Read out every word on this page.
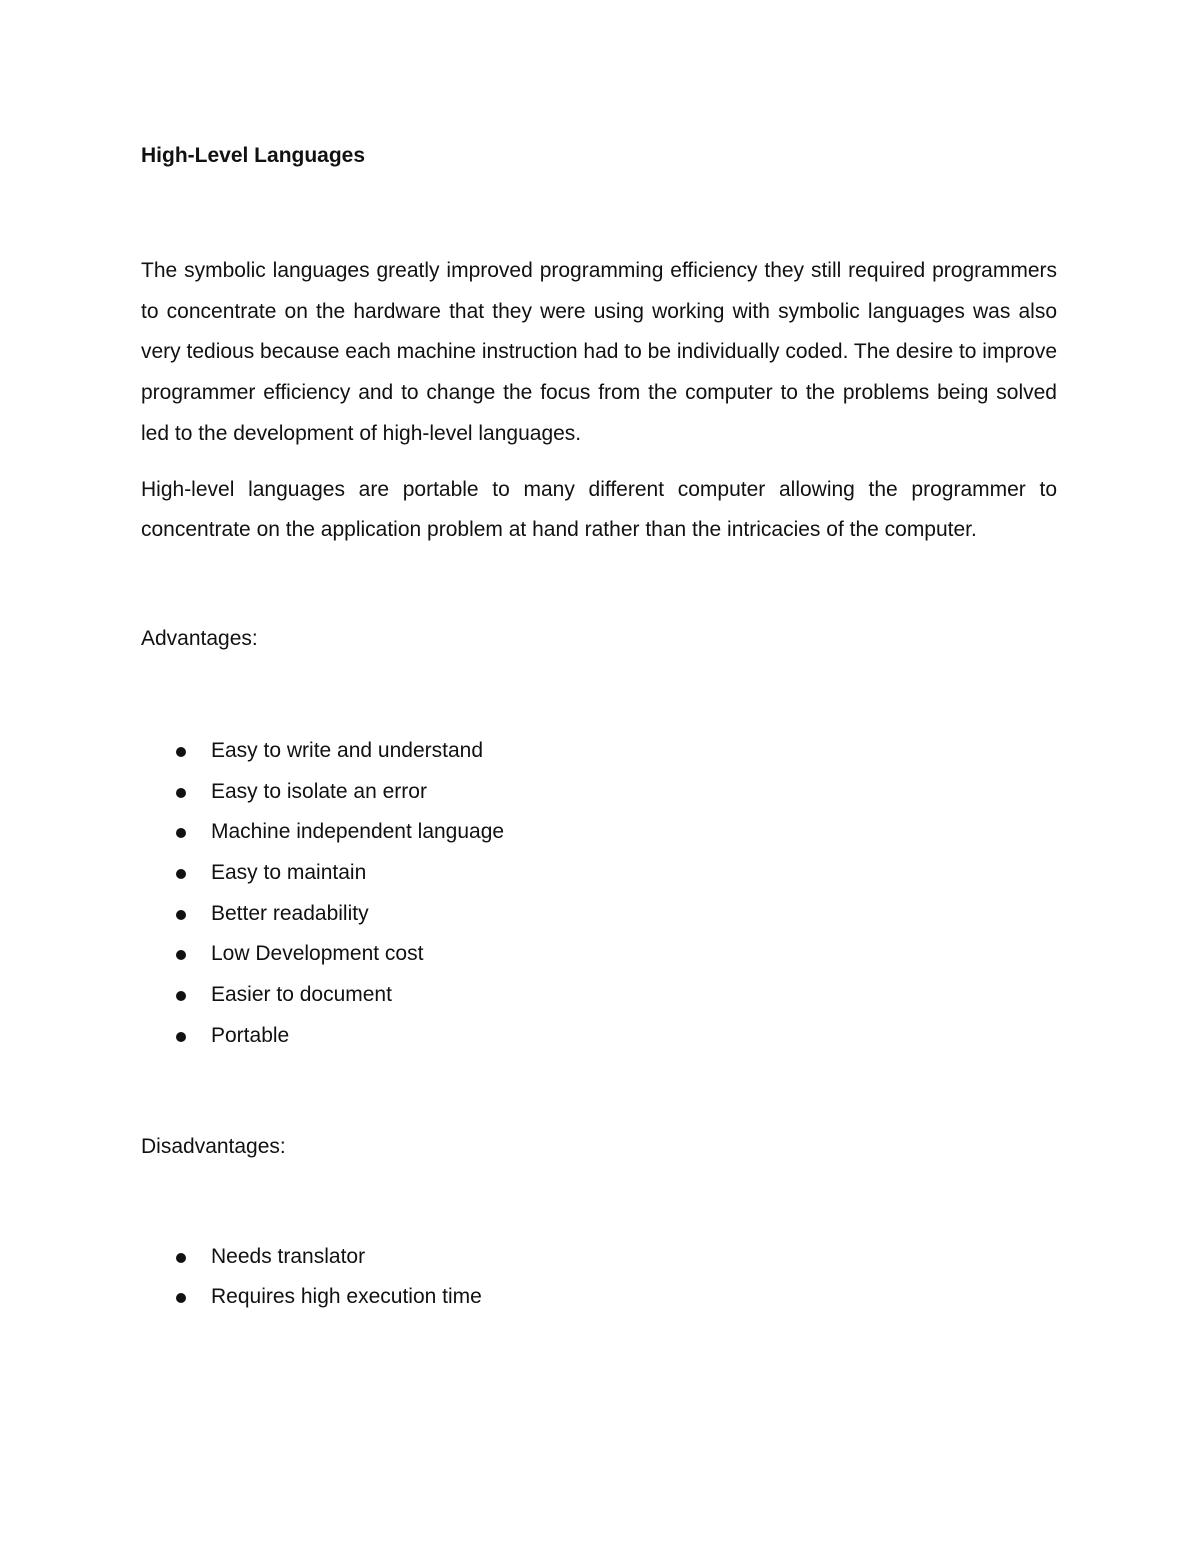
High-Level Languages

The symbolic languages greatly improved programming efficiency they still required programmers to concentrate on the hardware that they were using working with symbolic languages was also very tedious because each machine instruction had to be individually coded. The desire to improve programmer efficiency and to change the focus from the computer to the problems being solved led to the development of high-level languages.

High-level languages are portable to many different computer allowing the programmer to concentrate on the application problem at hand rather than the intricacies of the computer.

Advantages:

Easy to write and understand
Easy to isolate an error
Machine independent language
Easy to maintain
Better readability
Low Development cost
Easier to document
Portable

Disadvantages:

Needs translator
Requires high execution time
